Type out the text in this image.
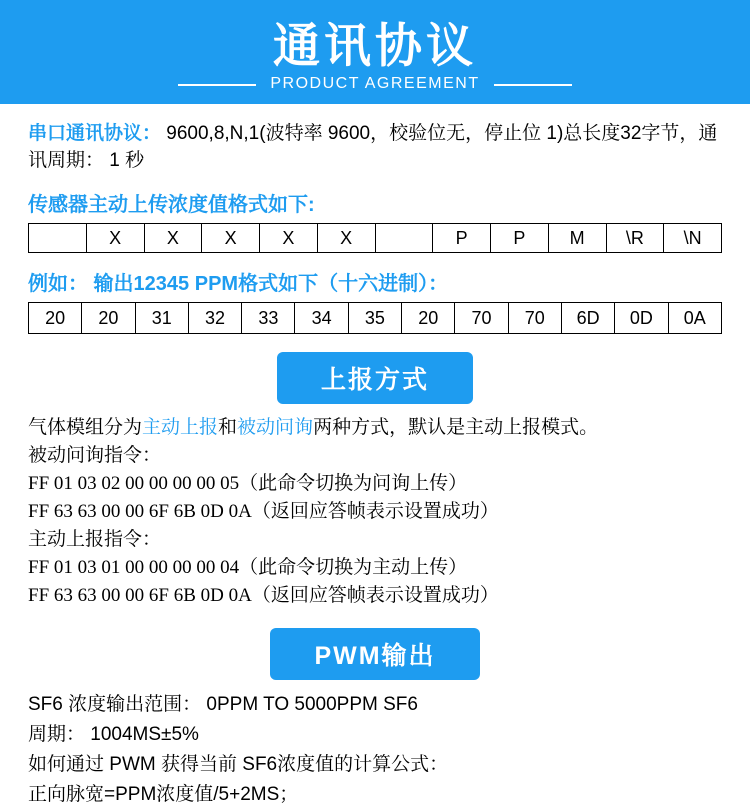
通讯协议
PRODUCT AGREEMENT
串口通讯协议： 9600,8,N,1(波特率 9600，校验位无，停止位 1)总长度32字节，通讯周期： 1 秒
传感器主动上传浓度值格式如下:
	X	X	X	X	X		P	P	M	\R	\N
例如： 输出12345 PPM格式如下（十六进制）：
20	20	31	32	33	34	35	20	70	70	6D	0D	0A
上报方式
气体模组分为主动上报和被动问询两种方式，默认是主动上报模式。
被动问询指令：
FF 01 03 02 00 00 00 00 05（此命令切换为问询上传）
FF 63 63 00 00 6F 6B 0D 0A（返回应答帧表示设置成功）
主动上报指令：
FF 01 03 01 00 00 00 00 04（此命令切换为主动上传）
FF 63 63 00 00 6F 6B 0D 0A（返回应答帧表示设置成功）
PWM输出
SF6 浓度输出范围： 0PPM TO 5000PPM SF6
周期： 1004MS±5%
如何通过 PWM 获得当前 SF6浓度值的计算公式：
正向脉宽=PPM浓度值/5+2MS；
